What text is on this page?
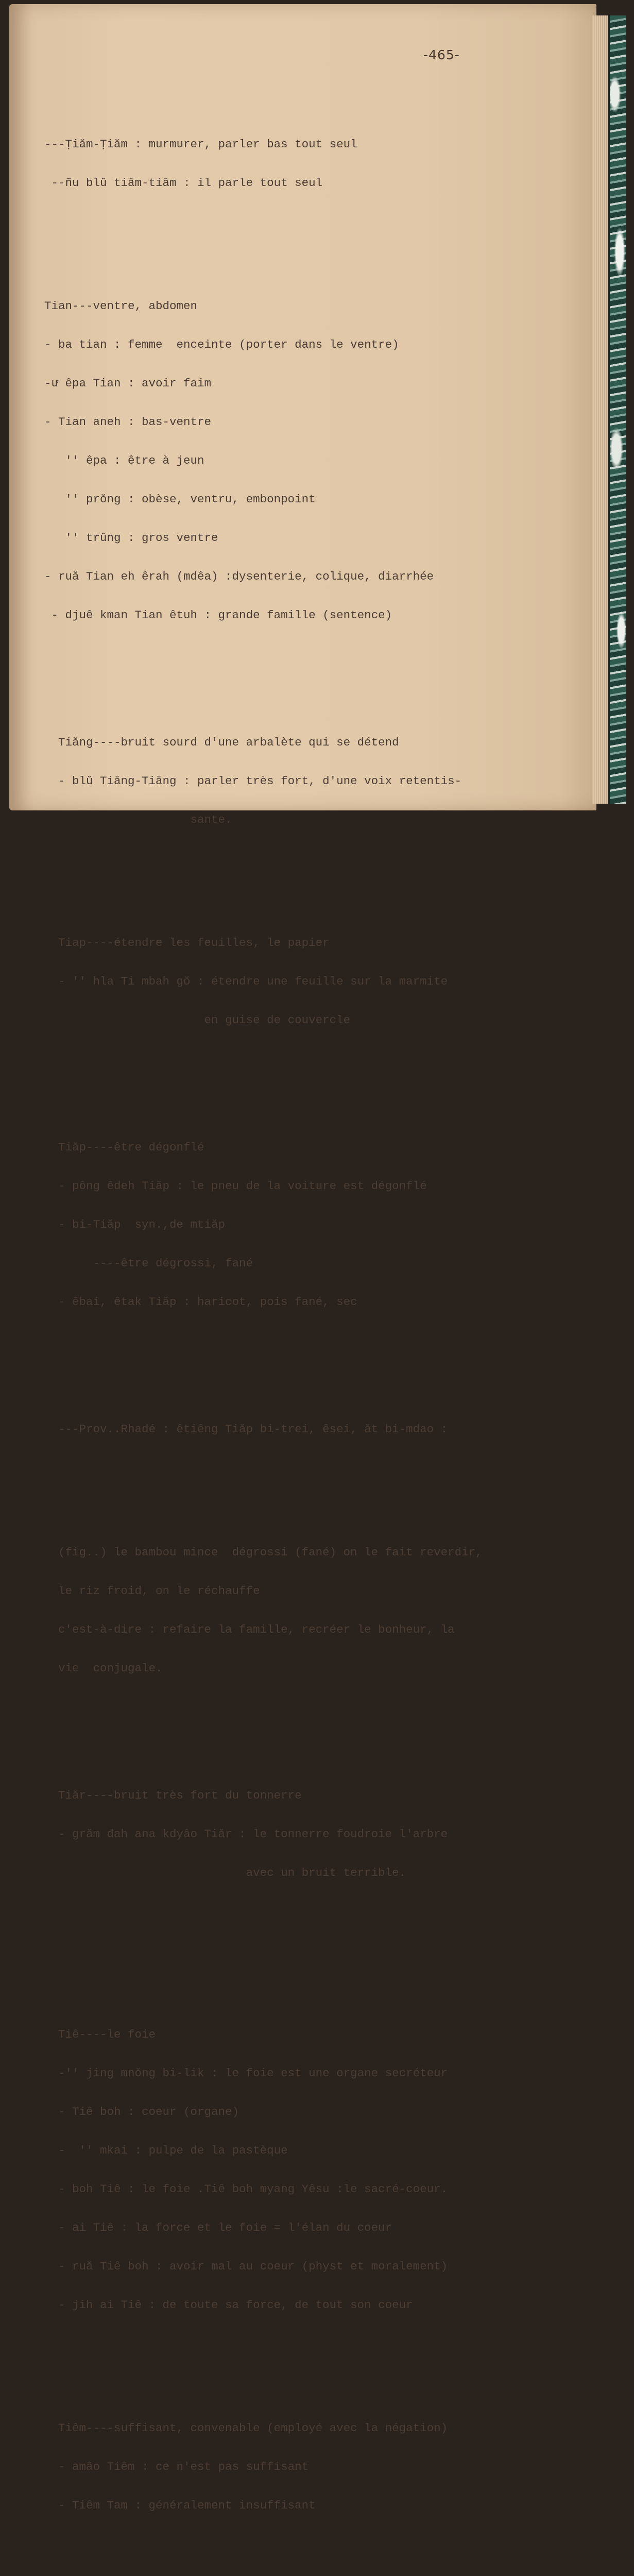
-465-

---Ṭiăm-Ṭiăm : murmurer, parler bas tout seul

--ñu blŭ tiăm-tiăm : il parle tout seul

Tian---ventre, abdomen

- ba tian : femme  enceinte (porter dans le ventre)

-ư êpa Tian : avoir faim

- Tian aneh : bas-ventre

'' êpa : être à jeun

'' prŏng : obèse, ventru, embonpoint

'' trŭng : gros ventre

- ruă Tian eh êrah (mdêa) :dysenterie, colique, diarrhée

- djuê kman Tian êtuh : grande famille (sentence)

Tiăng----bruit sourd d'une arbalète qui se détend

- blŭ Tiăng-Tiăng : parler très fort, d'une voix retentis-

sante.

Tiap----étendre les feuilles, le papier

- '' hla Ti mbah gŏ : étendre une feuille sur la marmite

en guise de couvercle

Tiăp----être dégonflé

- pông êdeh Tiăp : le pneu de la voiture est dégonflé

- bi-Tiăp  syn.,de mtiăp

----être dégrossi, fané

- êbai, êtak Tiăp : haricot, pois fané, sec

---Prov..Rhadé : êtiêng Tiăp bi-trei, êsei, ăt bi-mdao :

(fig..) le bambou mince  dégrossi (fané) on le fait reverdir,

le riz froid, on le réchauffe

c'est-à-dire : refaire la famille, recréer le bonheur, la

vie  conjugale.

Tiăr----bruit très fort du tonnerre

- grăm đah ana kdyâo Tiăr : le tonnerre foudroie l'arbre

avec un bruit terrible.

Tiê----le foie

-'' jing mnŏng bi-lik : le foie est une organe secréteur

- Tiê boh : coeur (organe)

-  '' mkai : pulpe de la pastèque

- boh Tiê : le foie .Tiê boh myang Yêsu :le sacré-coeur.

- ai Tiê : la force et le foie = l'élan du coeur

- ruă Tiê boh : avoir mal au coeur (physt et moralement)

- jih ai Tiê : de toute sa force, de tout son coeur

Tiêm----suffisant, convenable (employé avec la négation)

- amâo Tiêm : ce n'est pas suffisant

- Tiêm Tam : généralement insuffisant
